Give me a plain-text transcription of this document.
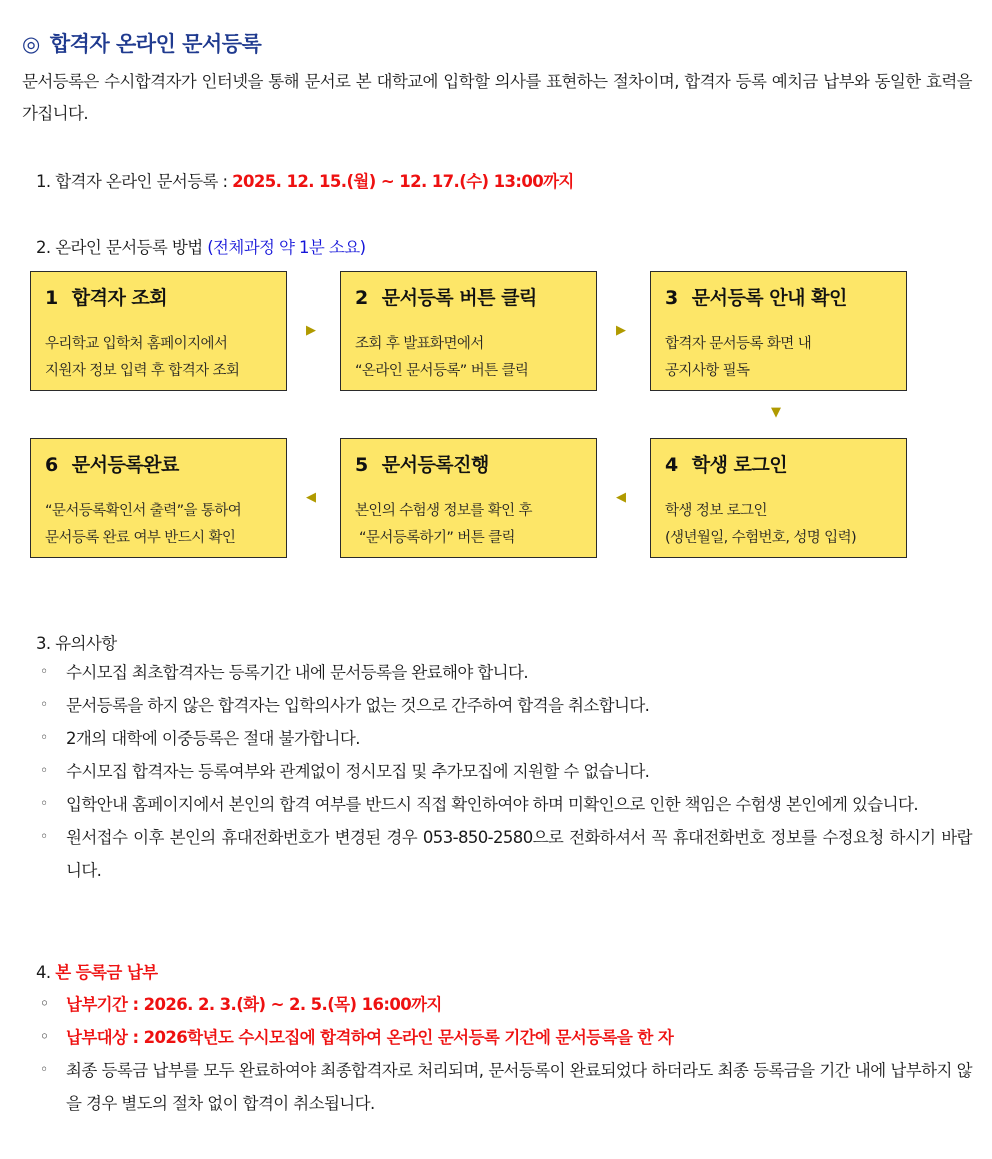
◎ 합격자 온라인 문서등록
문서등록은 수시합격자가 인터넷을 통해 문서로 본 대학교에 입학할 의사를 표현하는 절차이며, 합격자 등록 예치금 납부와 동일한 효력을 가집니다.
1. 합격자 온라인 문서등록 : 2025. 12. 15.(월) ~ 12. 17.(수) 13:00까지
2. 온라인 문서등록 방법 (전체과정 약 1분 소요)
1 합격자 조회
우리학교 입학처 홈페이지에서
지원자 정보 입력 후 합격자 조회
▶
2 문서등록 버튼 클릭
조회 후 발표화면에서
“온라인 문서등록” 버튼 클릭
▶
3 문서등록 안내 확인
합격자 문서등록 화면 내
공지사항 필독
▼
6 문서등록완료
“문서등록확인서 출력”을 통하여
문서등록 완료 여부 반드시 확인
◀
5 문서등록진행
본인의 수험생 정보를 확인 후
“문서등록하기” 버튼 클릭
◀
4 학생 로그인
학생 정보 로그인
(생년월일, 수험번호, 성명 입력)
3. 유의사항
◦ 수시모집 최초합격자는 등록기간 내에 문서등록을 완료해야 합니다.
◦ 문서등록을 하지 않은 합격자는 입학의사가 없는 것으로 간주하여 합격을 취소합니다.
◦ 2개의 대학에 이중등록은 절대 불가합니다.
◦ 수시모집 합격자는 등록여부와 관계없이 정시모집 및 추가모집에 지원할 수 없습니다.
◦ 입학안내 홈페이지에서 본인의 합격 여부를 반드시 직접 확인하여야 하며 미확인으로 인한 책임은 수험생 본인에게 있습니다.
◦ 원서접수 이후 본인의 휴대전화번호가 변경된 경우 053-850-2580으로 전화하셔서 꼭 휴대전화번호 정보를 수정요청 하시기 바랍니다.
4. 본 등록금 납부
◦ 납부기간 : 2026. 2. 3.(화) ~ 2. 5.(목) 16:00까지
◦ 납부대상 : 2026학년도 수시모집에 합격하여 온라인 문서등록 기간에 문서등록을 한 자
◦ 최종 등록금 납부를 모두 완료하여야 최종합격자로 처리되며, 문서등록이 완료되었다 하더라도 최종 등록금을 기간 내에 납부하지 않을 경우 별도의 절차 없이 합격이 취소됩니다.
